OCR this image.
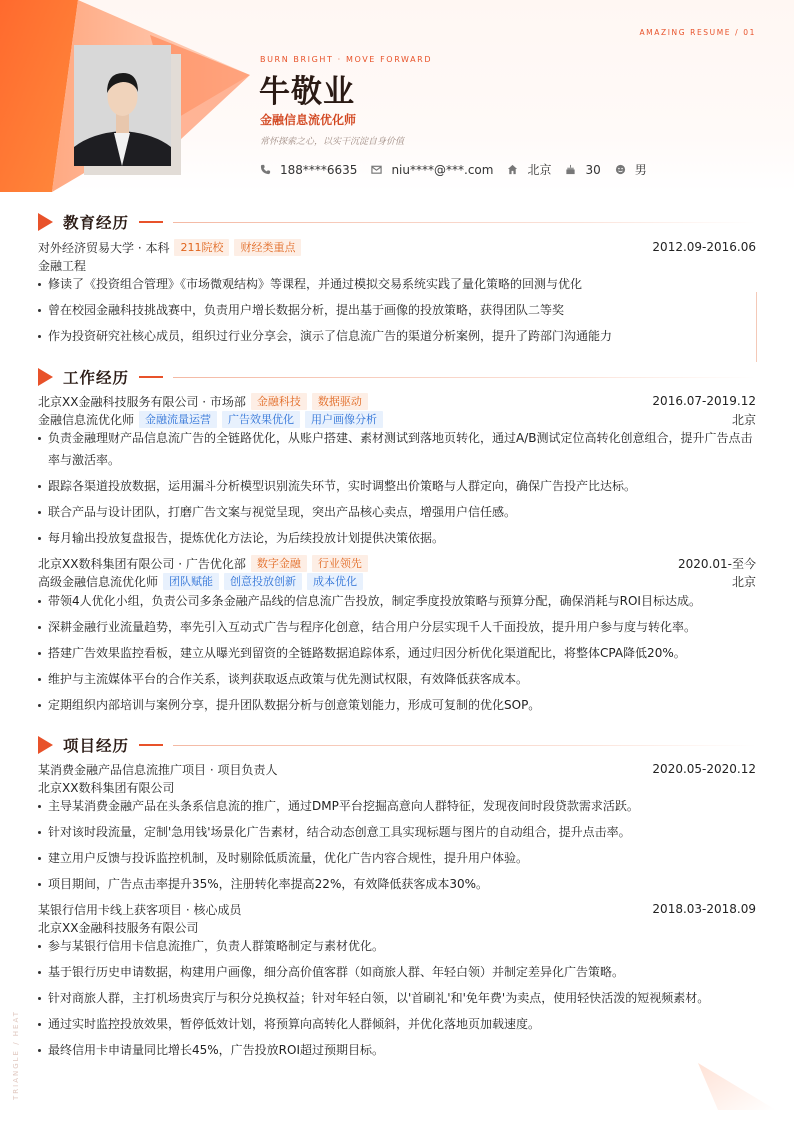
AMAZING RESUME / 01
TRIANGLE / HEAT
BURN BRIGHT · MOVE FORWARD
牛敬业
金融信息流优化师
常怀探索之心，以实干沉淀自身价值
188****6635	niu****@***.com	北京	30	男
教育经历
对外经济贸易大学 · 本科	211院校	财经类重点	2012.09-2016.06
金融工程
修读了《投资组合管理》《市场微观结构》等课程，并通过模拟交易系统实践了量化策略的回测与优化
曾在校园金融科技挑战赛中，负责用户增长数据分析，提出基于画像的投放策略，获得团队二等奖
作为投资研究社核心成员，组织过行业分享会，演示了信息流广告的渠道分析案例，提升了跨部门沟通能力
工作经历
北京XX金融科技服务有限公司 · 市场部	金融科技	数据驱动	2016.07-2019.12
金融信息流优化师	金融流量运营	广告效果优化	用户画像分析	北京
负责金融理财产品信息流广告的全链路优化，从账户搭建、素材测试到落地页转化，通过A/B测试定位高转化创意组合，提升广告点击率与激活率。
跟踪各渠道投放数据，运用漏斗分析模型识别流失环节，实时调整出价策略与人群定向，确保广告投产比达标。
联合产品与设计团队，打磨广告文案与视觉呈现，突出产品核心卖点，增强用户信任感。
每月输出投放复盘报告，提炼优化方法论，为后续投放计划提供决策依据。
北京XX数科集团有限公司 · 广告优化部	数字金融	行业领先	2020.01-至今
高级金融信息流优化师	团队赋能	创意投放创新	成本优化	北京
带领4人优化小组，负责公司多条金融产品线的信息流广告投放，制定季度投放策略与预算分配，确保消耗与ROI目标达成。
深耕金融行业流量趋势，率先引入互动式广告与程序化创意，结合用户分层实现千人千面投放，提升用户参与度与转化率。
搭建广告效果监控看板，建立从曝光到留资的全链路数据追踪体系，通过归因分析优化渠道配比，将整体CPA降低20%。
维护与主流媒体平台的合作关系，谈判获取返点政策与优先测试权限，有效降低获客成本。
定期组织内部培训与案例分享，提升团队数据分析与创意策划能力，形成可复制的优化SOP。
项目经历
某消费金融产品信息流推广项目 · 项目负责人	2020.05-2020.12
北京XX数科集团有限公司
主导某消费金融产品在头条系信息流的推广，通过DMP平台挖掘高意向人群特征，发现夜间时段贷款需求活跃。
针对该时段流量，定制'急用钱'场景化广告素材，结合动态创意工具实现标题与图片的自动组合，提升点击率。
建立用户反馈与投诉监控机制，及时剔除低质流量，优化广告内容合规性，提升用户体验。
项目期间，广告点击率提升35%，注册转化率提高22%，有效降低获客成本30%。
某银行信用卡线上获客项目 · 核心成员	2018.03-2018.09
北京XX金融科技服务有限公司
参与某银行信用卡信息流推广，负责人群策略制定与素材优化。
基于银行历史申请数据，构建用户画像，细分高价值客群（如商旅人群、年轻白领）并制定差异化广告策略。
针对商旅人群，主打机场贵宾厅与积分兑换权益；针对年轻白领，以'首刷礼'和'免年费'为卖点，使用轻快活泼的短视频素材。
通过实时监控投放效果，暂停低效计划，将预算向高转化人群倾斜，并优化落地页加载速度。
最终信用卡申请量同比增长45%，广告投放ROI超过预期目标。
